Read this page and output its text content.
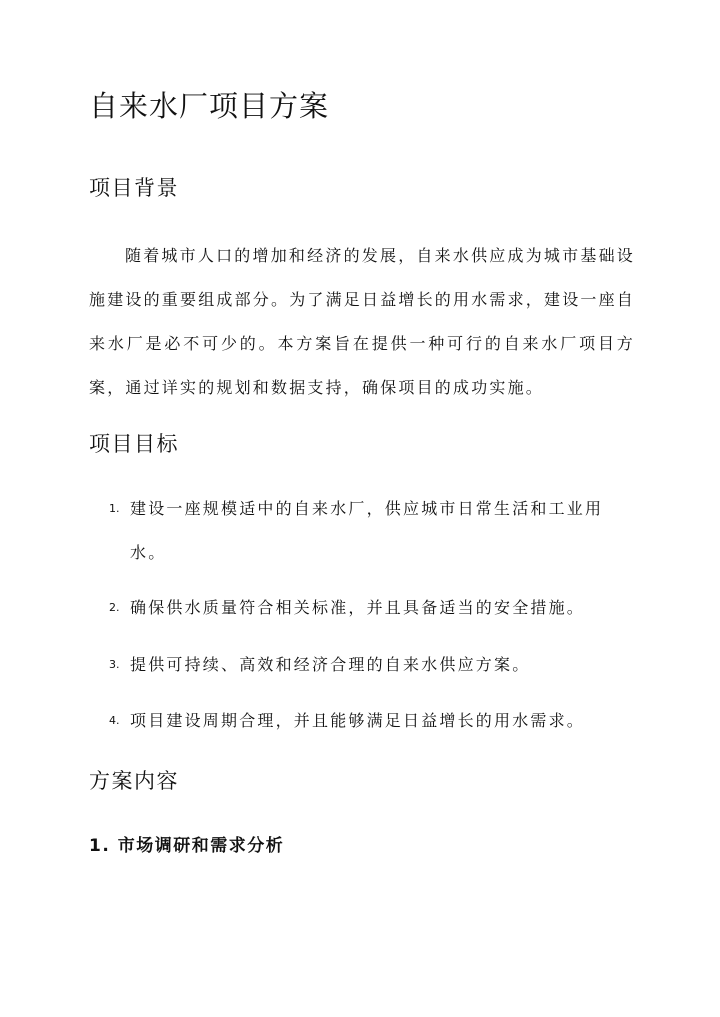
自来水厂项目方案
项目背景

随着城市人口的增加和经济的发展，自来水供应成为城市基础设施建设的重要组成部分。为了满足日益增长的用水需求，建设一座自来水厂是必不可少的。本方案旨在提供一种可行的自来水厂项目方案，通过详实的规划和数据支持，确保项目的成功实施。

项目目标
1. 建设一座规模适中的自来水厂，供应城市日常生活和工业用水。
2. 确保供水质量符合相关标准，并且具备适当的安全措施。
3. 提供可持续、高效和经济合理的自来水供应方案。
4. 项目建设周期合理，并且能够满足日益增长的用水需求。
方案内容
1. 市场调研和需求分析
